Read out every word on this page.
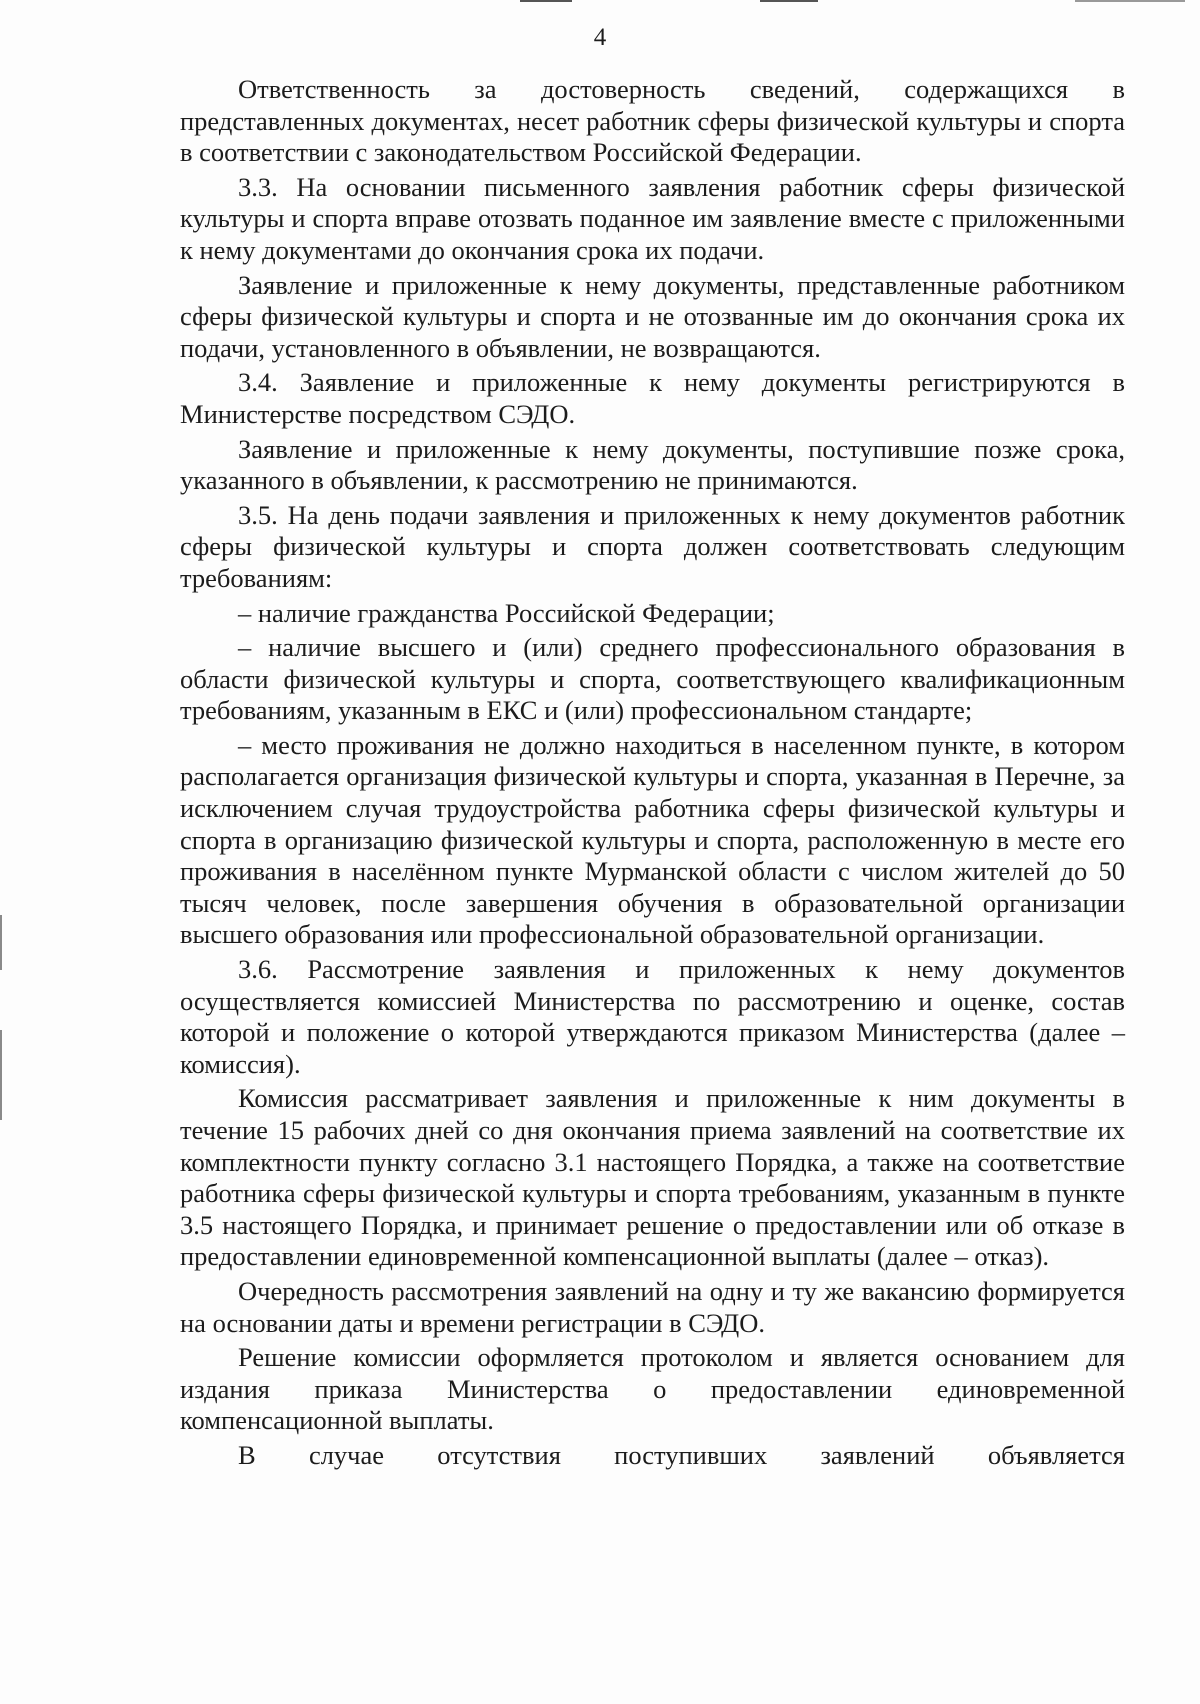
4

Ответственность за достоверность сведений, содержащихся в представленных документах, несет работник сферы физической культуры и спорта в соответствии с законодательством Российской Федерации.

3.3. На основании письменного заявления работник сферы физической культуры и спорта вправе отозвать поданное им заявление вместе с приложенными к нему документами до окончания срока их подачи.

Заявление и приложенные к нему документы, представленные работником сферы физической культуры и спорта и не отозванные им до окончания срока их подачи, установленного в объявлении, не возвращаются.

3.4. Заявление и приложенные к нему документы регистрируются в Министерстве посредством СЭДО.

Заявление и приложенные к нему документы, поступившие позже срока, указанного в объявлении, к рассмотрению не принимаются.

3.5. На день подачи заявления и приложенных к нему документов работник сферы физической культуры и спорта должен соответствовать следующим требованиям:

– наличие гражданства Российской Федерации;

– наличие высшего и (или) среднего профессионального образования в области физической культуры и спорта, соответствующего квалификационным требованиям, указанным в ЕКС и (или) профессиональном стандарте;

– место проживания не должно находиться в населенном пункте, в котором располагается организация физической культуры и спорта, указанная в Перечне, за исключением случая трудоустройства работника сферы физической культуры и спорта в организацию физической культуры и спорта, расположенную в месте его проживания в населённом пункте Мурманской области с числом жителей до 50 тысяч человек, после завершения обучения в образовательной организации высшего образования или профессиональной образовательной организации.

3.6. Рассмотрение заявления и приложенных к нему документов осуществляется комиссией Министерства по рассмотрению и оценке, состав которой и положение о которой утверждаются приказом Министерства (далее – комиссия).

Комиссия рассматривает заявления и приложенные к ним документы в течение 15 рабочих дней со дня окончания приема заявлений на соответствие их комплектности пункту согласно 3.1 настоящего Порядка, а также на соответствие работника сферы физической культуры и спорта требованиям, указанным в пункте 3.5 настоящего Порядка, и принимает решение о предоставлении или об отказе в предоставлении единовременной компенсационной выплаты (далее – отказ).

Очередность рассмотрения заявлений на одну и ту же вакансию формируется на основании даты и времени регистрации в СЭДО.

Решение комиссии оформляется протоколом и является основанием для издания приказа Министерства о предоставлении единовременной компенсационной выплаты.

В случае отсутствия поступивших заявлений объявляется
